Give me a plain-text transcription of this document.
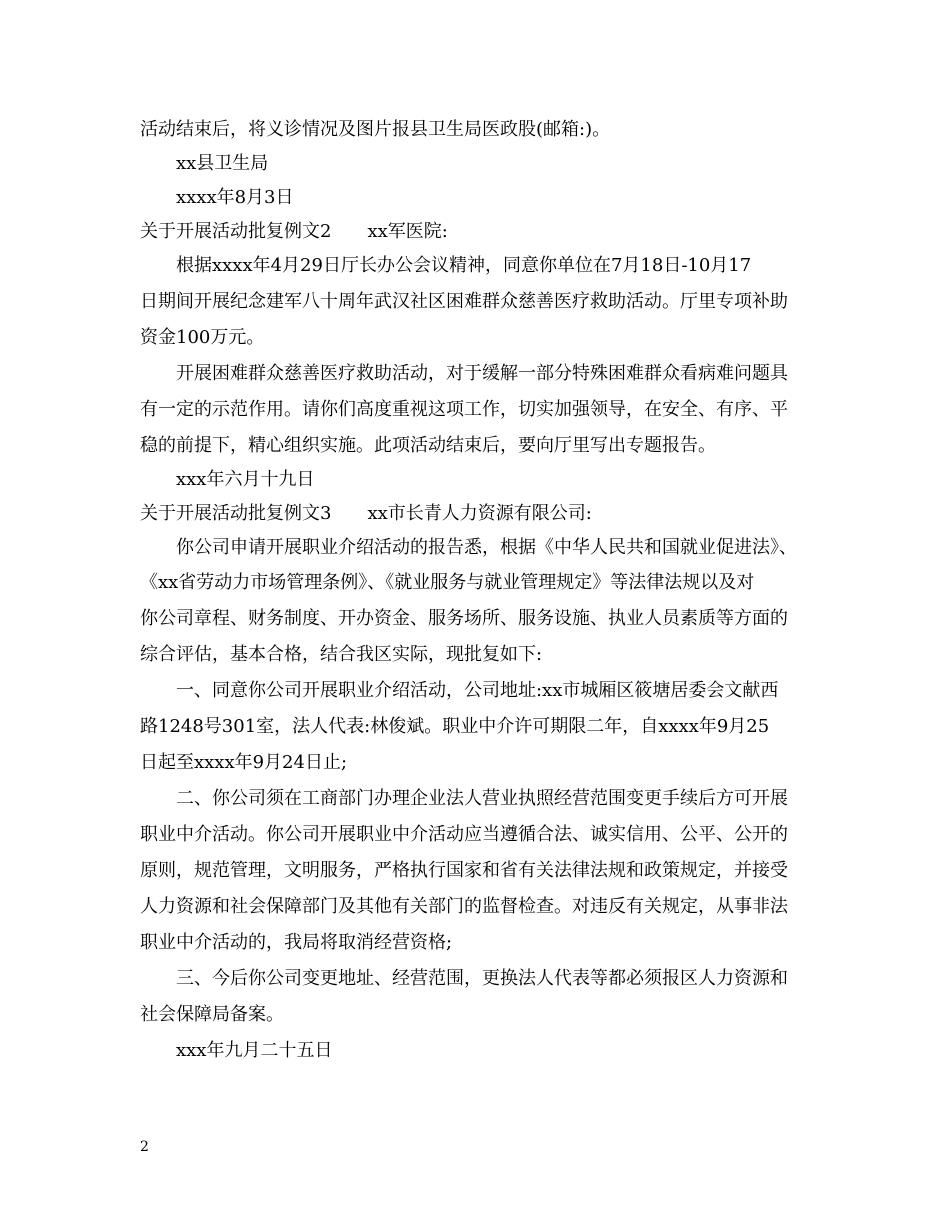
活动结束后，将义诊情况及图片报县卫生局医政股(邮箱:)。
xx县卫生局
xxxx年8月3日
关于开展活动批复例文2　　xx军医院:
根据xxxx年4月29日厅长办公会议精神，同意你单位在7月18日-10月17
日期间开展纪念建军八十周年武汉社区困难群众慈善医疗救助活动。厅里专项补助
资金100万元。
开展困难群众慈善医疗救助活动，对于缓解一部分特殊困难群众看病难问题具
有一定的示范作用。请你们高度重视这项工作，切实加强领导，在安全、有序、平
稳的前提下，精心组织实施。此项活动结束后，要向厅里写出专题报告。
xxx年六月十九日
关于开展活动批复例文3　　xx市长青人力资源有限公司:
你公司申请开展职业介绍活动的报告悉，根据《中华人民共和国就业促进法》、
《xx省劳动力市场管理条例》、《就业服务与就业管理规定》等法律法规以及对
你公司章程、财务制度、开办资金、服务场所、服务设施、执业人员素质等方面的
综合评估，基本合格，结合我区实际，现批复如下:
一、同意你公司开展职业介绍活动，公司地址:xx市城厢区筱塘居委会文献西
路1248号301室，法人代表:林俊斌。职业中介许可期限二年，自xxxx年9月25
日起至xxxx年9月24日止;
二、你公司须在工商部门办理企业法人营业执照经营范围变更手续后方可开展
职业中介活动。你公司开展职业中介活动应当遵循合法、诚实信用、公平、公开的
原则，规范管理，文明服务，严格执行国家和省有关法律法规和政策规定，并接受
人力资源和社会保障部门及其他有关部门的监督检查。对违反有关规定，从事非法
职业中介活动的，我局将取消经营资格;
三、今后你公司变更地址、经营范围，更换法人代表等都必须报区人力资源和
社会保障局备案。
xxx年九月二十五日
2
